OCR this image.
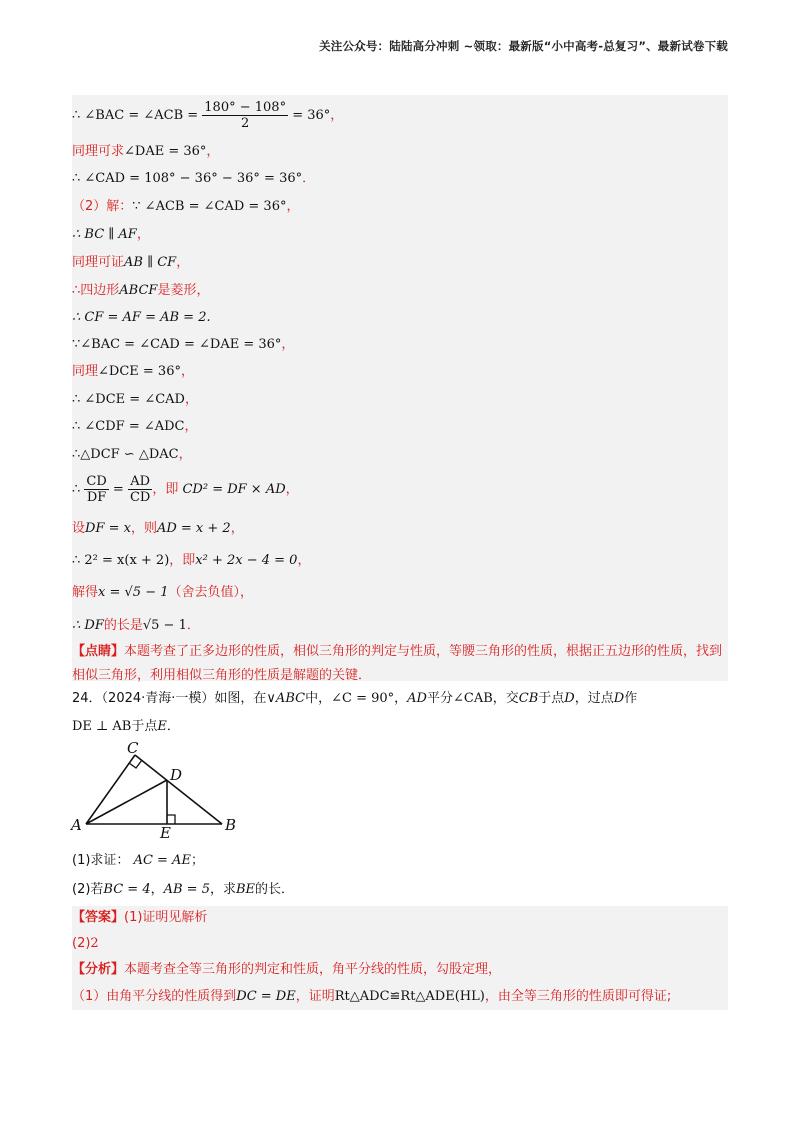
关注公众号：陆陆高分冲刺 ~领取：最新版“小中高考-总复习”、最新试卷下载
∴ ∠BAC = ∠ACB = $\frac{180^\circ - 108^\circ}{2} = 36^\circ$，
同理可求∠DAE = 36°，
∴ ∠CAD = 108° − 36° − 36° = 36°．
（2）解：∵ ∠ACB = ∠CAD = 36°，
∴ BC ∥ AF，
同理可证AB ∥ CF，
∴四边形ABCF是菱形，
∴ CF = AF = AB = 2.
∵∠BAC = ∠CAD = ∠DAE = 36°，
同理∠DCE = 36°，
∴ ∠DCE = ∠CAD，
∴ ∠CDF = ∠ADC，
∴△DCF ∽ △DAC，
∴ $\frac{CD}{DF} = \frac{AD}{CD}$ ，即 CD² = DF × AD，
设DF = x，则AD = x + 2，
∴ 2² = x(x + 2)，即x² + 2x − 4 = 0，
解得x = √5 − 1（舍去负值），
∴ DF的长是√5 − 1．
【点睛】本题考查了正多边形的性质，相似三角形的判定与性质，等腰三角形的性质，根据正五边形的性质，找到相似三角形，利用相似三角形的性质是解题的关键．
24．（2024·青海·一模）如图，在∨ABC中，∠C = 90°，AD平分∠CAB，交CB于点D，过点D作
DE ⊥ AB于点E．
C
D
A	E	B
(1)求证： AC = AE；
(2)若BC = 4，AB = 5，求BE的长．
【答案】(1)证明见解析
(2)2
【分析】本题考查全等三角形的判定和性质，角平分线的性质，勾股定理，
（1）由角平分线的性质得到DC = DE，证明Rt△ADC≌Rt△ADE(HL)，由全等三角形的性质即可得证;
